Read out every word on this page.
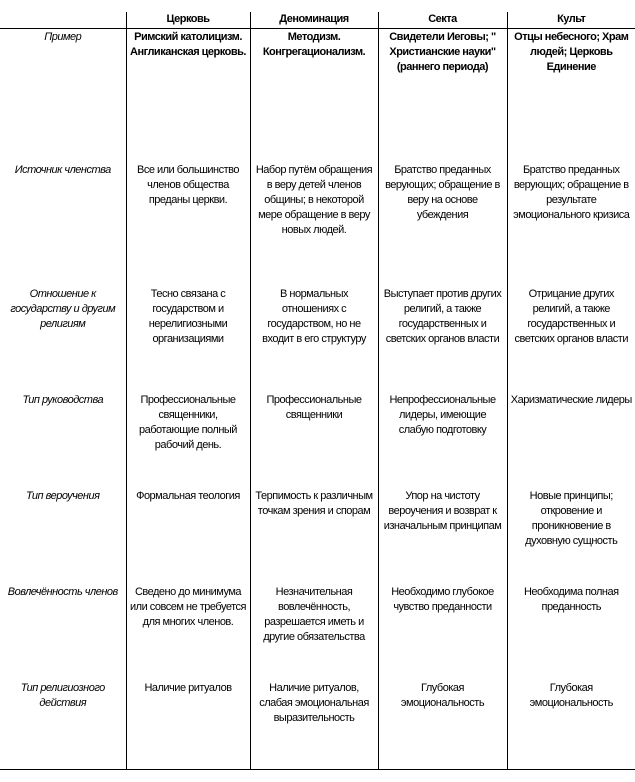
	Церковь	Деноминация	Секта	Культ
Пример	Римский католицизм. Англиканская церковь.	Методизм. Конгрегационализм.	Свидетели Иеговы; " Христианские науки" (раннего периода)	Отцы небесного; Храм людей; Церковь Единение
Источник членства	Все или большинство членов общества преданы церкви.	Набор путём обращения в веру детей членов общины; в некоторой мере обращение в веру новых людей.	Братство преданных верующих; обращение в веру на основе убеждения	Братство преданных верующих; обращение в результате эмоционального кризиса
Отношение к государству и другим религиям	Тесно связана с государством и нерелигиозными организациями	В нормальных отношениях с государством, но не входит в его структуру	Выступает против других религий, а также государственных и светских органов власти	Отрицание других религий, а также государственных и светских органов власти
Тип руководства	Профессиональные священники, работающие полный рабочий день.	Профессиональные священники	Непрофессиональные лидеры, имеющие слабую подготовку	Харизматические лидеры
Тип вероучения	Формальная теология	Терпимость к различным точкам зрения и спорам	Упор на чистоту вероучения и возврат к изначальным принципам	Новые принципы; откровение и проникновение в духовную сущность
Вовлечённость членов	Сведено до минимума или совсем не требуется для многих членов.	Незначительная вовлечённость, разрешается иметь и другие обязательства	Необходимо глубокое чувство преданности	Необходима полная преданность
Тип религиозного действия	Наличие ритуалов	Наличие ритуалов, слабая эмоциональная выразительность	Глубокая эмоциональность	Глубокая эмоциональность
